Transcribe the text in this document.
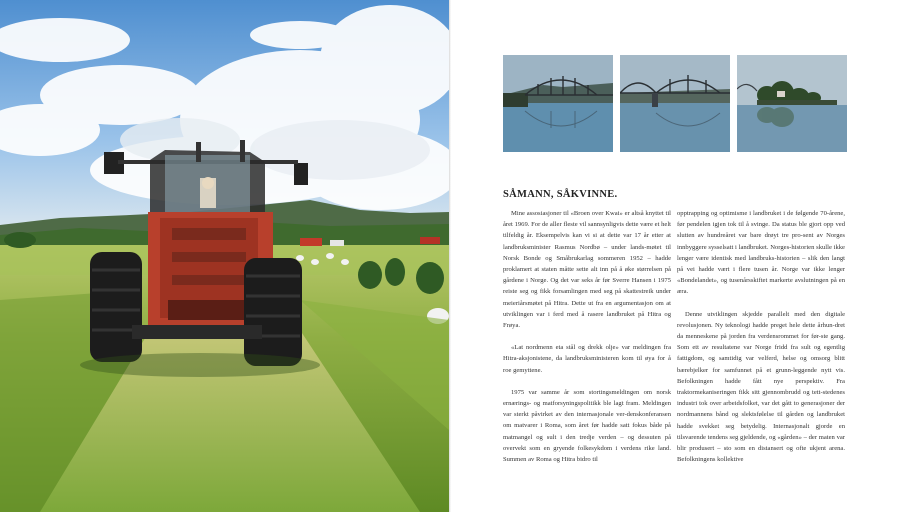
SÅMANN, SÅKVINNE.

Mine assosiasjoner til «Broen over Kwai» er altså knyttet til året 1969. For de aller fleste vil sannsynligvis dette være et helt tilfeldig år. Eksempelvis kan vi si at dette var 17 år etter at landbruksminister Rasmus Nordbø – under lands-møtet til Norsk Bonde og Småbrukarlag sommeren 1952 – hadde proklamert at staten måtte sette alt inn på å øke størrelsen på gårdene i Norge. Og det var seks år før Sverre Hansen i 1975 reiste seg og fikk forsamlingen med seg på skattestreik under meieriårsmøtet på Hitra. Dette ut fra en argumentasjon om at utviklingen var i ferd med å rasere landbruket på Hitra og Frøya.

«Lat nordmenn eta stål og drekk olje» var meldingen fra Hitra-aksjonistene, da landbruksministeren kom til øya for å roe gemyttene.

1975 var samme år som stortingsmeldingen om norsk ernærings- og matforsyningspolitikk ble lagt fram. Meldingen var sterkt påvirket av den internasjonale ver-denskonferansen om matvarer i Roma, som året før hadde satt fokus både på matmangel og sult i den tredje verden – og dessuten på overvekt som en gryende folkesykdom i verdens rike land. Summen av Roma og Hitra bidro til

opptrapping og optimisme i landbruket i de følgende 70-årene, før pendelen igjen tok til å svinge. Da status ble gjort opp ved slutten av hundreåret var bare drøyt tre pro-sent av Norges innbyggere sysselsatt i landbruket. Norges-historien skulle ikke lenger være identisk med landbruks-historien – slik den langt på vei hadde vært i flere tusen år. Norge var ikke lenger «Bondelandet», og tusenårsskiftet markerte avslutningen på en æra.

Denne utviklingen skjedde parallelt med den digitale revolusjonen. Ny teknologi hadde preget hele dette århun-dret da menneskene på jorden fra verdensrommet for før-ste gang. Som ett av resultatene var Norge fridd fra sult og egentlig fattigdom, og samtidig var velferd, helse og omsorg blitt bærebjelker for samfunnet på et grunn-leggende nytt vis. Befolkningen hadde fått nye perspektiv. Fra traktormekaniseringen fikk sitt gjennombrudd og tett-stedenes industri tok over arbeidsfolket, var det gått to generasjoner der nordmannens bånd og slektsfølelse til gården og landbruket hadde svekket seg betydelig. Internasjonalt gjorde en tilsvarende tendens seg gjeldende, og «gården» – der maten var blir produsert – sto som en distansert og ofte ukjent arena. Befolkningens kollektive
